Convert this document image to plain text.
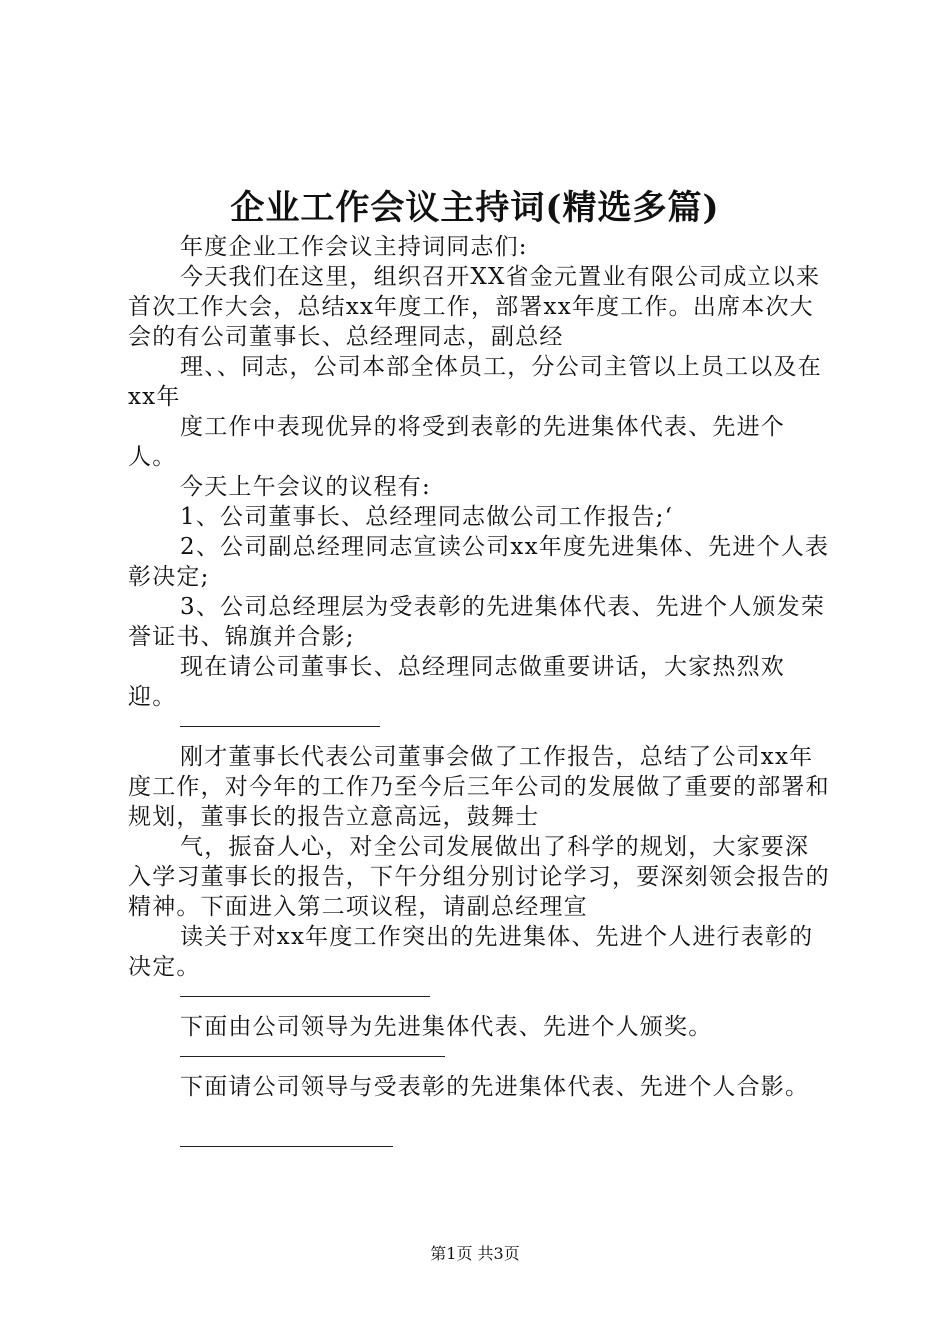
企业工作会议主持词(精选多篇)

年度企业工作会议主持词同志们:

今天我们在这里，组织召开XX省金元置业有限公司成立以来首次工作大会，总结xx年度工作，部署xx年度工作。出席本次大会的有公司董事长、总经理同志，副总经

理、、同志，公司本部全体员工，分公司主管以上员工以及在xx年

度工作中表现优异的将受到表彰的先进集体代表、先进个人。

今天上午会议的议程有:

1、公司董事长、总经理同志做公司工作报告;‘

2、公司副总经理同志宣读公司xx年度先进集体、先进个人表彰决定;

3、公司总经理层为受表彰的先进集体代表、先进个人颁发荣誉证书、锦旗并合影;

现在请公司董事长、总经理同志做重要讲话，大家热烈欢迎。

刚才董事长代表公司董事会做了工作报告，总结了公司xx年度工作，对今年的工作乃至今后三年公司的发展做了重要的部署和规划，董事长的报告立意高远，鼓舞士

气，振奋人心，对全公司发展做出了科学的规划，大家要深入学习董事长的报告，下午分组分别讨论学习，要深刻领会报告的精神。下面进入第二项议程，请副总经理宣

读关于对xx年度工作突出的先进集体、先进个人进行表彰的决定。

下面由公司领导为先进集体代表、先进个人颁奖。

下面请公司领导与受表彰的先进集体代表、先进个人合影。

第1页 共3页
